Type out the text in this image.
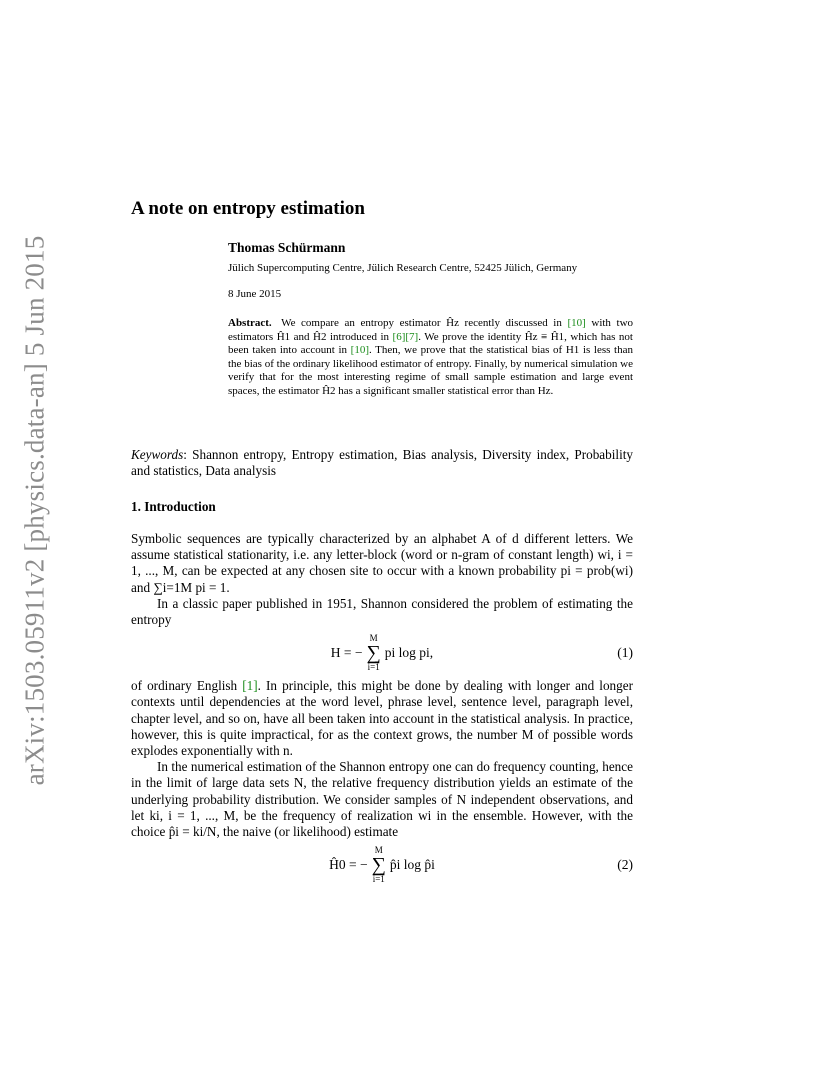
arXiv:1503.05911v2 [physics.data-an] 5 Jun 2015
A note on entropy estimation
Thomas Schürmann
Jülich Supercomputing Centre, Jülich Research Centre, 52425 Jülich, Germany
8 June 2015

Abstract. We compare an entropy estimator Ĥz recently discussed in [10] with two estimators Ĥ1 and Ĥ2 introduced in [6][7]. We prove the identity Ĥz ≡ Ĥ1, which has not been taken into account in [10]. Then, we prove that the statistical bias of H1 is less than the bias of the ordinary likelihood estimator of entropy. Finally, by numerical simulation we verify that for the most interesting regime of small sample estimation and large event spaces, the estimator Ĥ2 has a significant smaller statistical error than Hz.

Keywords: Shannon entropy, Entropy estimation, Bias analysis, Diversity index, Probability and statistics, Data analysis

1. Introduction

Symbolic sequences are typically characterized by an alphabet A of d different letters. We assume statistical stationarity, i.e. any letter-block (word or n-gram of constant length) wi, i = 1, ..., M, can be expected at any chosen site to occur with a known probability pi = prob(wi) and ∑i=1M pi = 1.

In a classic paper published in 1951, Shannon considered the problem of estimating the entropy

H = −
M
∑
i=1
pi log pi,	(1)

of ordinary English [1]. In principle, this might be done by dealing with longer and longer contexts until dependencies at the word level, phrase level, sentence level, paragraph level, chapter level, and so on, have all been taken into account in the statistical analysis. In practice, however, this is quite impractical, for as the context grows, the number M of possible words explodes exponentially with n.

In the numerical estimation of the Shannon entropy one can do frequency counting, hence in the limit of large data sets N, the relative frequency distribution yields an estimate of the underlying probability distribution. We consider samples of N independent observations, and let ki, i = 1, ..., M, be the frequency of realization wi in the ensemble. However, with the choice p̂i = ki/N, the naive (or likelihood) estimate

Ĥ0 = −
M
∑
i=1
p̂i log p̂i	(2)
